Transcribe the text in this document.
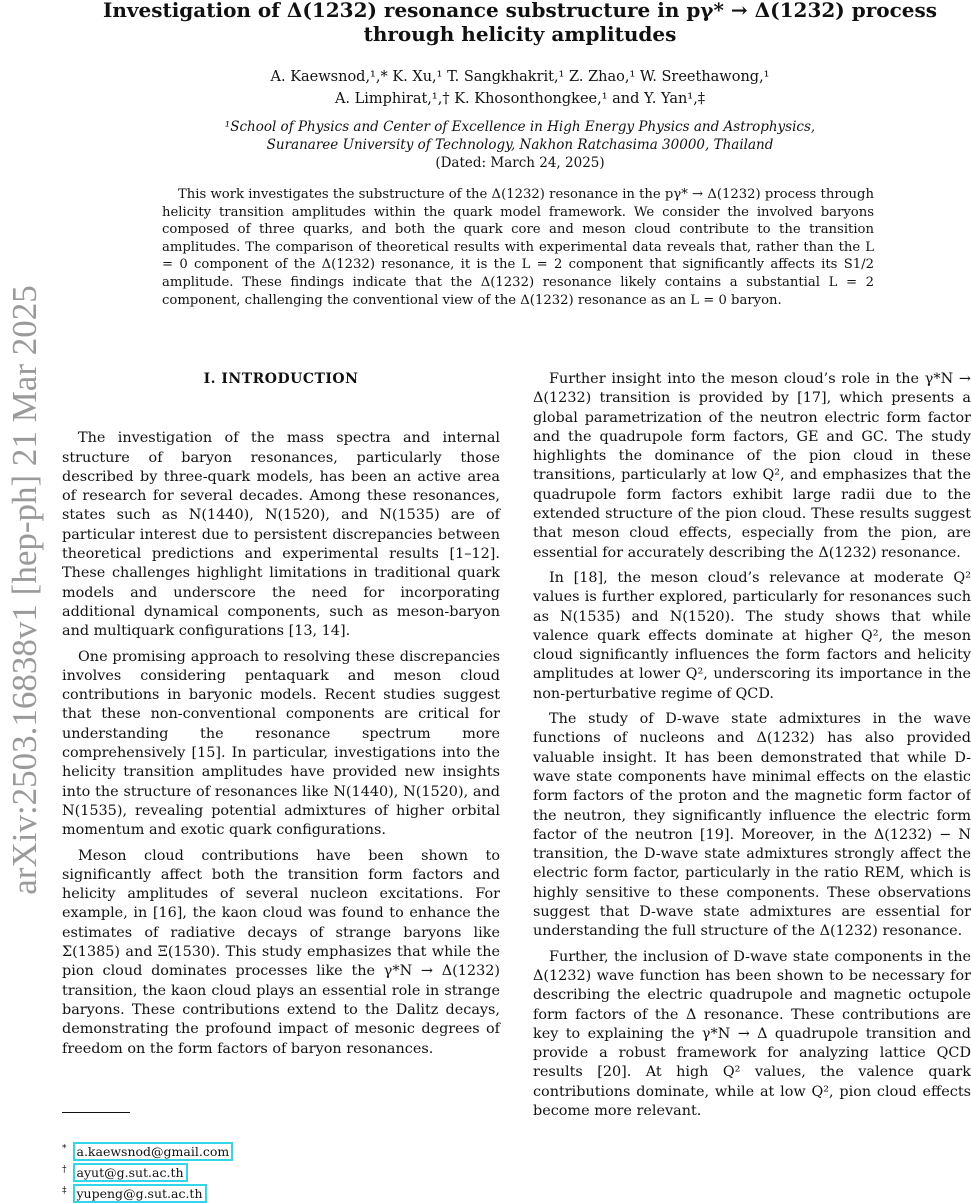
arXiv:2503.16838v1 [hep-ph] 21 Mar 2025
Investigation of Δ(1232) resonance substructure in pγ* → Δ(1232) process through helicity amplitudes
A. Kaewsnod,¹,* K. Xu,¹ T. Sangkhakrit,¹ Z. Zhao,¹ W. Sreethawong,¹
A. Limphirat,¹,† K. Khosonthongkee,¹ and Y. Yan¹,‡
¹School of Physics and Center of Excellence in High Energy Physics and Astrophysics,
Suranaree University of Technology, Nakhon Ratchasima 30000, Thailand
(Dated: March 24, 2025)
This work investigates the substructure of the Δ(1232) resonance in the pγ* → Δ(1232) process through helicity transition amplitudes within the quark model framework. We consider the involved baryons composed of three quarks, and both the quark core and meson cloud contribute to the transition amplitudes. The comparison of theoretical results with experimental data reveals that, rather than the L = 0 component of the Δ(1232) resonance, it is the L = 2 component that significantly affects its S1/2 amplitude. These findings indicate that the Δ(1232) resonance likely contains a substantial L = 2 component, challenging the conventional view of the Δ(1232) resonance as an L = 0 baryon.
I. INTRODUCTION

The investigation of the mass spectra and internal structure of baryon resonances, particularly those described by three-quark models, has been an active area of research for several decades. Among these resonances, states such as N(1440), N(1520), and N(1535) are of particular interest due to persistent discrepancies between theoretical predictions and experimental results [1–12]. These challenges highlight limitations in traditional quark models and underscore the need for incorporating additional dynamical components, such as meson-baryon and multiquark configurations [13, 14].

One promising approach to resolving these discrepancies involves considering pentaquark and meson cloud contributions in baryonic models. Recent studies suggest that these non-conventional components are critical for understanding the resonance spectrum more comprehensively [15]. In particular, investigations into the helicity transition amplitudes have provided new insights into the structure of resonances like N(1440), N(1520), and N(1535), revealing potential admixtures of higher orbital momentum and exotic quark configurations.

Meson cloud contributions have been shown to significantly affect both the transition form factors and helicity amplitudes of several nucleon excitations. For example, in [16], the kaon cloud was found to enhance the estimates of radiative decays of strange baryons like Σ(1385) and Ξ(1530). This study emphasizes that while the pion cloud dominates processes like the γ*N → Δ(1232) transition, the kaon cloud plays an essential role in strange baryons. These contributions extend to the Dalitz decays, demonstrating the profound impact of mesonic degrees of freedom on the form factors of baryon resonances.

Further insight into the meson cloud’s role in the γ*N → Δ(1232) transition is provided by [17], which presents a global parametrization of the neutron electric form factor and the quadrupole form factors, GE and GC. The study highlights the dominance of the pion cloud in these transitions, particularly at low Q², and emphasizes that the quadrupole form factors exhibit large radii due to the extended structure of the pion cloud. These results suggest that meson cloud effects, especially from the pion, are essential for accurately describing the Δ(1232) resonance.

In [18], the meson cloud’s relevance at moderate Q² values is further explored, particularly for resonances such as N(1535) and N(1520). The study shows that while valence quark effects dominate at higher Q², the meson cloud significantly influences the form factors and helicity amplitudes at lower Q², underscoring its importance in the non-perturbative regime of QCD.

The study of D-wave state admixtures in the wave functions of nucleons and Δ(1232) has also provided valuable insight. It has been demonstrated that while D-wave state components have minimal effects on the elastic form factors of the proton and the magnetic form factor of the neutron, they significantly influence the electric form factor of the neutron [19]. Moreover, in the Δ(1232) − N transition, the D-wave state admixtures strongly affect the electric form factor, particularly in the ratio REM, which is highly sensitive to these components. These observations suggest that D-wave state admixtures are essential for understanding the full structure of the Δ(1232) resonance.

Further, the inclusion of D-wave state components in the Δ(1232) wave function has been shown to be necessary for describing the electric quadrupole and magnetic octupole form factors of the Δ resonance. These contributions are key to explaining the γ*N → Δ quadrupole transition and provide a robust framework for analyzing lattice QCD results [20]. At high Q² values, the valence quark contributions dominate, while at low Q², pion cloud effects become more relevant.

* a.kaewsnod@gmail.com
† ayut@g.sut.ac.th
‡ yupeng@g.sut.ac.th
